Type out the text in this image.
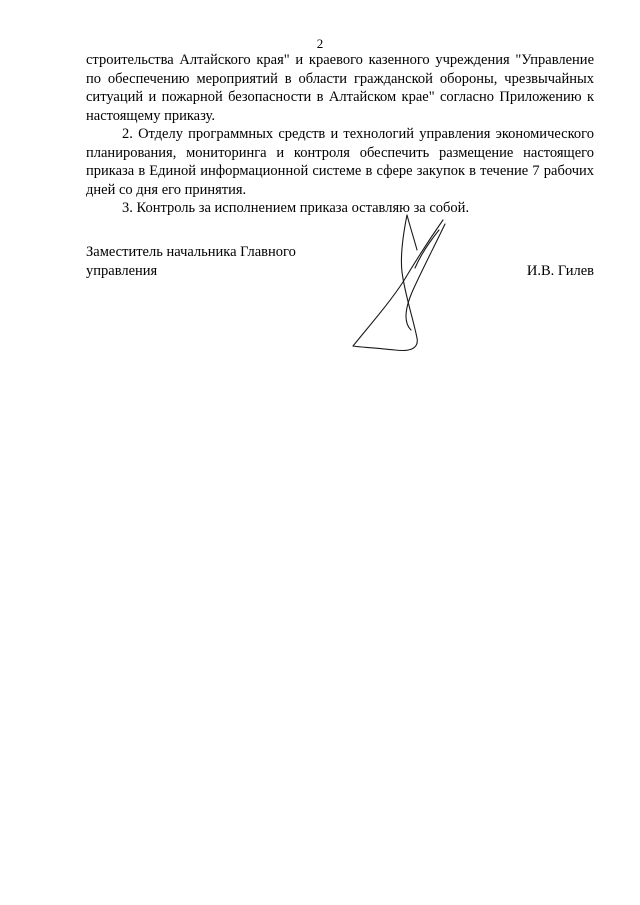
2

строительства Алтайского края" и краевого казенного учреждения "Управление по обеспечению мероприятий в области гражданской обороны, чрезвычайных ситуаций и пожарной безопасности в Алтайском крае" согласно Приложению к настоящему приказу.

2. Отделу программных средств и технологий управления экономического планирования, мониторинга и контроля обеспечить размещение настоящего приказа в Единой информационной системе в сфере закупок в течение 7 рабочих дней со дня его принятия.

3. Контроль за исполнением приказа оставляю за собой.

Заместитель начальника Главного
управления	И.В. Гилев
